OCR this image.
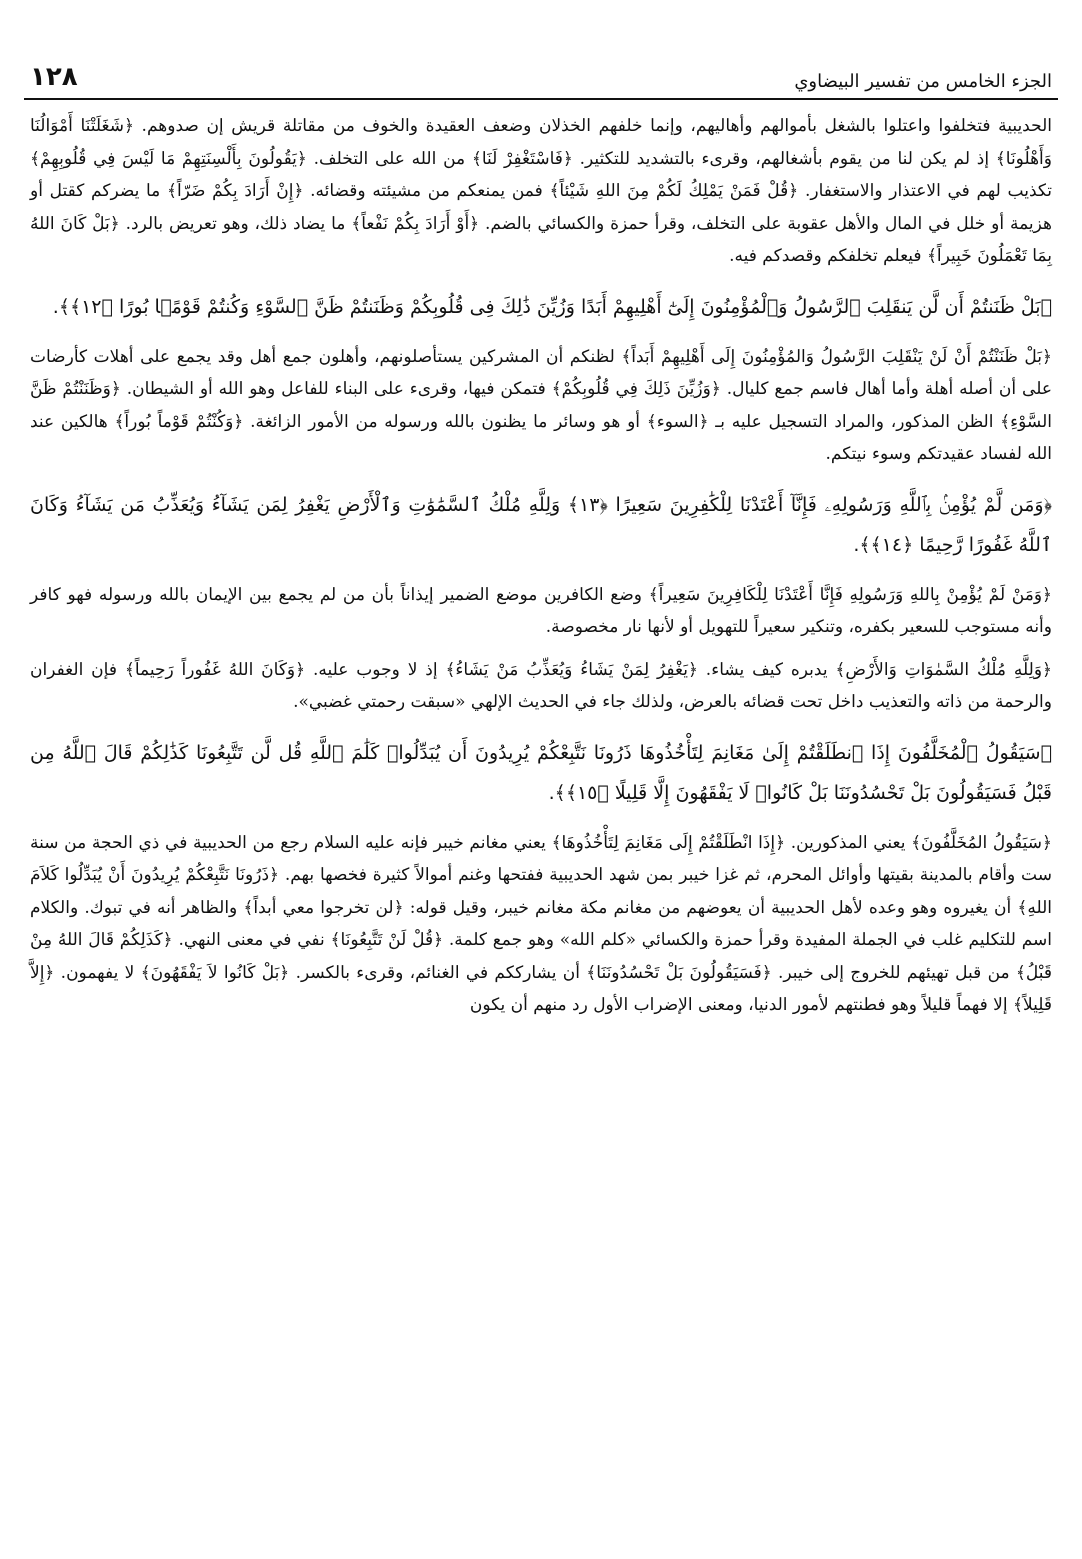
الجزء الخامس من تفسير البيضاوي
١٢٨

الحديبية فتخلفوا واعتلوا بالشغل بأموالهم وأهاليهم، وإنما خلفهم الخذلان وضعف العقيدة والخوف من مقاتلة قريش إن صدوهم. ﴿شَغَلَتْنَا أَمْوَالُنَا وَأَهْلُونَا﴾ إذ لم يكن لنا من يقوم بأشغالهم، وقرىء بالتشديد للتكثير. ﴿فَاسْتَغْفِرْ لَنَا﴾ من الله على التخلف. ﴿يَقُولُونَ بِأَلْسِنَتِهِمْ مَا لَيْسَ فِي قُلُوبِهِمْ﴾ تكذيب لهم في الاعتذار والاستغفار. ﴿قُلْ فَمَنْ يَمْلِكُ لَكُمْ مِنَ اللهِ شَيْئاً﴾ فمن يمنعكم من مشيئته وقضائه. ﴿إِنْ أَرَادَ بِكُمْ ضَرّاً﴾ ما يضركم كقتل أو هزيمة أو خلل في المال والأهل عقوبة على التخلف، وقرأ حمزة والكسائي بالضم. ﴿أَوْ أَرَادَ بِكُمْ نَفْعاً﴾ ما يضاد ذلك، وهو تعريض بالرد. ﴿بَلْ كَانَ اللهُ بِمَا تَعْمَلُونَ خَبِيراً﴾ فيعلم تخلفكم وقصدكم فيه.

﴿بَلْ ظَنَنتُمْ أَن لَّن يَنقَلِبَ ٱلرَّسُولُ وَٱلْمُؤْمِنُونَ إِلَىٰٓ أَهْلِيهِمْ أَبَدًا وَزُيِّنَ ذَٰلِكَ فِى قُلُوبِكُمْ وَظَنَنتُمْ ظَنَّ ٱلسَّوْءِ وَكُنتُمْ قَوْمًۢا بُورًا ﴿١٢﴾﴾.

﴿بَلْ ظَنَنْتُمْ أَنْ لَنْ يَنْقَلِبَ الرَّسُولُ وَالمُؤْمِنُونَ إِلَى أَهْلِيهِمْ أَبَداً﴾ لظنكم أن المشركين يستأصلونهم، وأهلون جمع أهل وقد يجمع على أهلات كأرضات على أن أصله أهلة وأما أهال فاسم جمع كليال. ﴿وَزُيِّنَ ذَلِكَ فِي قُلُوبِكُمْ﴾ فتمكن فيها، وقرىء على البناء للفاعل وهو الله أو الشيطان. ﴿وَظَنَنْتُمْ ظَنَّ السَّوْءِ﴾ الظن المذكور، والمراد التسجيل عليه بـ ﴿السوء﴾ أو هو وسائر ما يظنون بالله ورسوله من الأمور الزائغة. ﴿وَكُنْتُمْ قَوْماً بُوراً﴾ هالكين عند الله لفساد عقيدتكم وسوء نيتكم.

﴿وَمَن لَّمْ يُؤْمِنۢ بِٱللَّهِ وَرَسُولِهِۦ فَإِنَّآ أَعْتَدْنَا لِلْكَٰفِرِينَ سَعِيرًا ﴿١٣﴾ وَلِلَّهِ مُلْكُ ٱلسَّمَٰوَٰتِ وَٱلْأَرْضِ يَغْفِرُ لِمَن يَشَآءُ وَيُعَذِّبُ مَن يَشَآءُ وَكَانَ ٱللَّهُ غَفُورًا رَّحِيمًا ﴿١٤﴾﴾.

﴿وَمَنْ لَمْ يُؤْمِنْ بِاللهِ وَرَسُولِهِ فَإِنَّا أَعْتَدْنَا لِلْكَافِرِينَ سَعِيراً﴾ وضع الكافرين موضع الضمير إيذاناً بأن من لم يجمع بين الإيمان بالله ورسوله فهو كافر وأنه مستوجب للسعير بكفره، وتنكير سعيراً للتهويل أو لأنها نار مخصوصة.

﴿وَلِلَّهِ مُلْكُ السَّمٰوَاتِ وَالأَرْضِ﴾ يدبره كيف يشاء. ﴿يَغْفِرُ لِمَنْ يَشَاءُ وَيُعَذِّبُ مَنْ يَشَاءُ﴾ إذ لا وجوب عليه. ﴿وَكَانَ اللهُ غَفُوراً رَحِيماً﴾ فإن الغفران والرحمة من ذاته والتعذيب داخل تحت قضائه بالعرض، ولذلك جاء في الحديث الإلهي «سبقت رحمتي غضبي».

﴿سَيَقُولُ ٱلْمُخَلَّفُونَ إِذَا ٱنطَلَقْتُمْ إِلَىٰ مَغَانِمَ لِتَأْخُذُوهَا ذَرُونَا نَتَّبِعْكُمْ يُرِيدُونَ أَن يُبَدِّلُوا۟ كَلَٰمَ ٱللَّهِ قُل لَّن تَتَّبِعُونَا كَذَٰلِكُمْ قَالَ ٱللَّهُ مِن قَبْلُ فَسَيَقُولُونَ بَلْ تَحْسُدُونَنَا بَلْ كَانُوا۟ لَا يَفْقَهُونَ إِلَّا قَلِيلًا ﴿١٥﴾﴾.

﴿سَيَقُولُ المُخَلَّفُونَ﴾ يعني المذكورين. ﴿إِذَا انْطَلَقْتُمْ إِلَى مَغَانِمَ لِتَأْخُذُوهَا﴾ يعني مغانم خيبر فإنه عليه السلام رجع من الحديبية في ذي الحجة من سنة ست وأقام بالمدينة بقيتها وأوائل المحرم، ثم غزا خيبر بمن شهد الحديبية ففتحها وغنم أموالاً كثيرة فخصها بهم. ﴿ذَرُونَا نَتَّبِعْكُمْ يُرِيدُونَ أَنْ يُبَدِّلُوا كَلاَمَ اللهِ﴾ أن يغيروه وهو وعده لأهل الحديبية أن يعوضهم من مغانم مكة مغانم خيبر، وقيل قوله: ﴿لن تخرجوا معي أبداً﴾ والظاهر أنه في تبوك. والكلام اسم للتكليم غلب في الجملة المفيدة وقرأ حمزة والكسائي «كلم الله» وهو جمع كلمة. ﴿قُلْ لَنْ تَتَّبِعُونَا﴾ نفي في معنى النهي. ﴿كَذَلِكُمْ قَالَ اللهُ مِنْ قَبْلُ﴾ من قبل تهيئهم للخروج إلى خيبر. ﴿فَسَيَقُولُونَ بَلْ تَحْسُدُونَنَا﴾ أن يشارككم في الغنائم، وقرىء بالكسر. ﴿بَلْ كَانُوا لاَ يَفْقَهُونَ﴾ لا يفهمون. ﴿إِلاَّ قَلِيلاً﴾ إلا فهماً قليلاً وهو فطنتهم لأمور الدنيا، ومعنى الإضراب الأول رد منهم أن يكون
